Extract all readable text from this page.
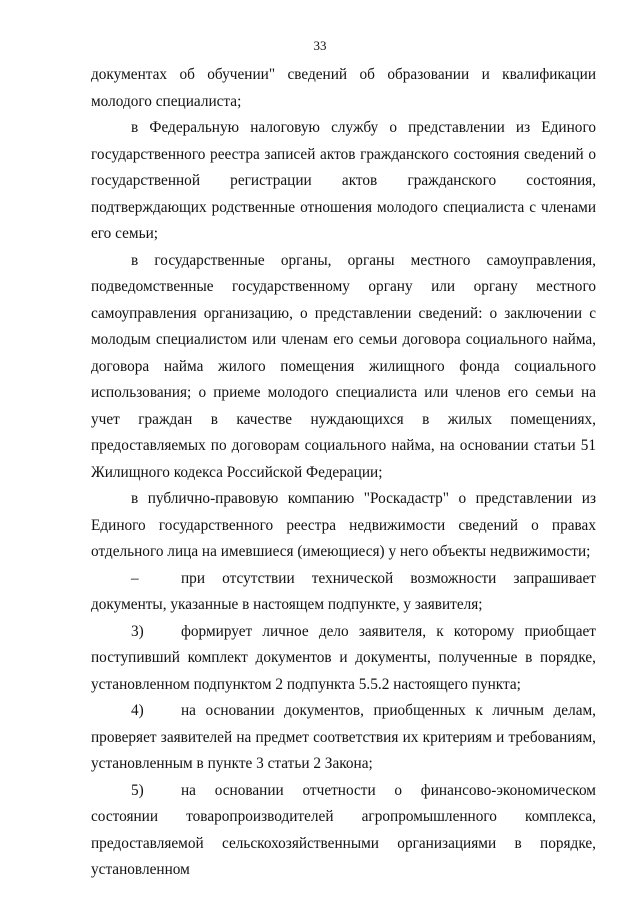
33

документах об обучении" сведений об образовании и квалификации молодого специалиста;

в Федеральную налоговую службу о представлении из Единого государственного реестра записей актов гражданского состояния сведений о государственной регистрации актов гражданского состояния, подтверждающих родственные отношения молодого специалиста с членами его семьи;

в государственные органы, органы местного самоуправления, подведомственные государственному органу или органу местного самоуправления организацию, о представлении сведений: о заключении с молодым специалистом или членам его семьи договора социального найма, договора найма жилого помещения жилищного фонда социального использования; о приеме молодого специалиста или членов его семьи на учет граждан в качестве нуждающихся в жилых помещениях, предоставляемых по договорам социального найма, на основании статьи 51 Жилищного кодекса Российской Федерации;

в публично-правовую компанию "Роскадастр" о представлении из Единого государственного реестра недвижимости сведений о правах отдельного лица на имевшиеся (имеющиеся) у него объекты недвижимости;

–	при отсутствии технической возможности запрашивает документы, указанные в настоящем подпункте, у заявителя;

3) формирует личное дело заявителя, к которому приобщает поступивший комплект документов и документы, полученные в порядке, установленном подпунктом 2 подпункта 5.5.2 настоящего пункта;

4) на основании документов, приобщенных к личным делам, проверяет заявителей на предмет соответствия их критериям и требованиям, установленным в пункте 3 статьи 2 Закона;

5) на основании отчетности о финансово-экономическом состоянии товаропроизводителей агропромышленного комплекса, предоставляемой сельскохозяйственными организациями в порядке, установленном
